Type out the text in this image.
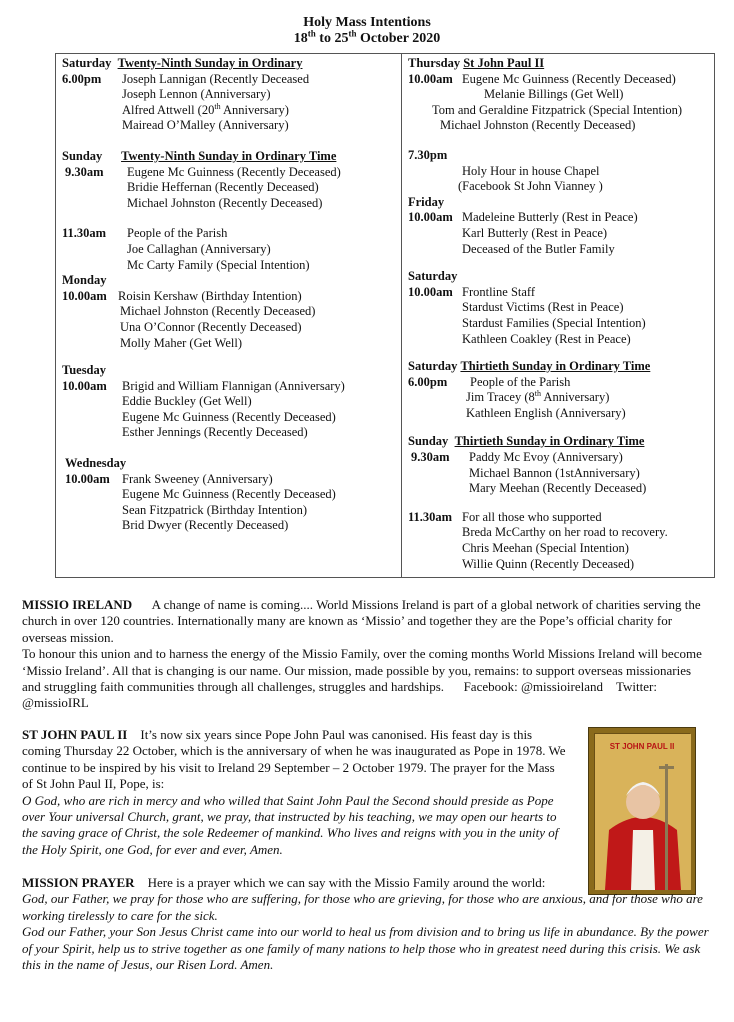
Holy Mass Intentions
18th to 25th October 2020
Saturday Twenty-Ninth Sunday in Ordinary
6.00pm	Joseph Lannigan (Recently Deceased
Joseph Lennon (Anniversary)
Alfred Attwell (20th Anniversary)
Mairead O’Malley (Anniversary)
Sunday Twenty-Ninth Sunday in Ordinary Time
9.30am	Eugene Mc Guinness (Recently Deceased)
Bridie Heffernan (Recently Deceased)
Michael Johnston (Recently Deceased)
11.30am	People of the Parish
Joe Callaghan (Anniversary)
Mc Carty Family (Special Intention)
Monday
10.00am Roisin Kershaw (Birthday Intention)
Michael Johnston (Recently Deceased)
Una O’Connor (Recently Deceased)
Molly Maher (Get Well)
Tuesday
10.00am	Brigid and William Flannigan (Anniversary)
Eddie Buckley (Get Well)
Eugene Mc Guinness (Recently Deceased)
Esther Jennings (Recently Deceased)
Wednesday
10.00am Frank Sweeney (Anniversary)
Eugene Mc Guinness (Recently Deceased)
Sean Fitzpatrick (Birthday Intention)
Brid Dwyer (Recently Deceased)
Thursday St John Paul II
10.00am Eugene Mc Guinness (Recently Deceased)
Melanie Billings (Get Well)
Tom and Geraldine Fitzpatrick (Special Intention)
Michael Johnston (Recently Deceased)
7.30pm
Holy Hour in house Chapel
(Facebook St John Vianney )
Friday
10.00am Madeleine Butterly (Rest in Peace)
Karl Butterly (Rest in Peace)
Deceased of the Butler Family
Saturday
10.00am Frontline Staff
Stardust Victims (Rest in Peace)
Stardust Families (Special Intention)
Kathleen Coakley (Rest in Peace)
Saturday Thirtieth Sunday in Ordinary Time
6.00pm	People of the Parish
Jim Tracey (8th Anniversary)
Kathleen English (Anniversary)
Sunday Thirtieth Sunday in Ordinary Time
9.30am	Paddy Mc Evoy (Anniversary)
Michael Bannon (1stAnniversary)
Mary Meehan (Recently Deceased)
11.30am For all those who supported
Breda McCarthy on her road to recovery.
Chris Meehan (Special Intention)
Willie Quinn (Recently Deceased)
MISSIO IRELAND A change of name is coming.... World Missions Ireland is part of a global network of charities serving the church in over 120 countries. Internationally many are known as ‘Missio’ and together they are the Pope’s official charity for overseas mission.
To honour this union and to harness the energy of the Missio Family, over the coming months World Missions Ireland will become ‘Missio Ireland’. All that is changing is our name. Our mission, made possible by you, remains: to support overseas missionaries and struggling faith communities through all challenges, struggles and hardships. Facebook: @missioireland Twitter: @missioIRL
ST JOHN PAUL II It’s now six years since Pope John Paul was canonised. His feast day is this coming Thursday 22 October, which is the anniversary of when he was inaugurated as Pope in 1978. We continue to be inspired by his visit to Ireland 29 September – 2 October 1979. The prayer for the Mass of St John Paul II, Pope, is:
O God, who are rich in mercy and who willed that Saint John Paul the Second should preside as Pope over Your universal Church, grant, we pray, that instructed by his teaching, we may open our hearts to the saving grace of Christ, the sole Redeemer of mankind. Who lives and reigns with you in the unity of the Holy Spirit, one God, for ever and ever, Amen.
ST JOHN PAUL II
MISSION PRAYER Here is a prayer which we can say with the Missio Family around the world:
God, our Father, we pray for those who are suffering, for those who are grieving, for those who are anxious, and for those who are working tirelessly to care for the sick.
God our Father, your Son Jesus Christ came into our world to heal us from division and to bring us life in abundance. By the power of your Spirit, help us to strive together as one family of many nations to help those who in greatest need during this crisis. We ask this in the name of Jesus, our Risen Lord. Amen.
